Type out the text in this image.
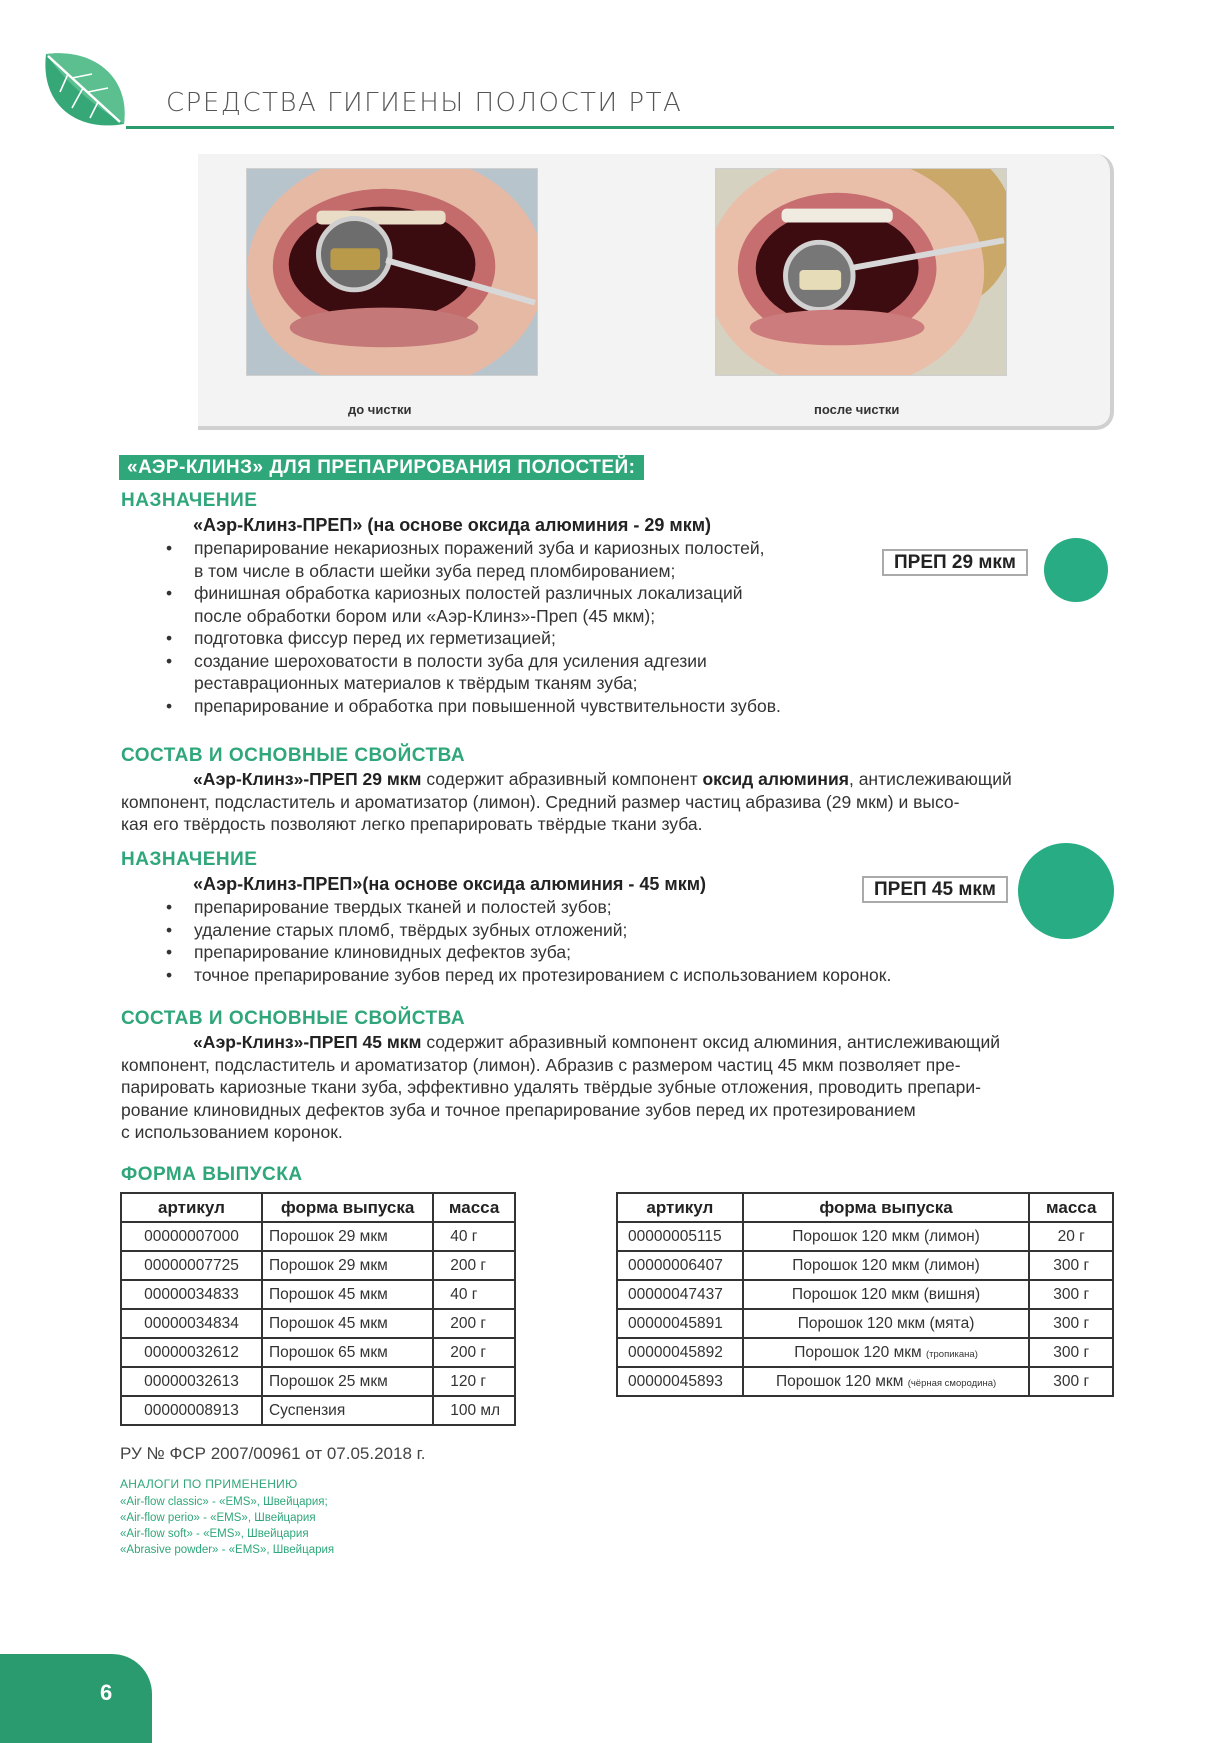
СРЕДСТВА ГИГИЕНЫ ПОЛОСТИ РТА
до чистки	после чистки
«АЭР-КЛИНЗ» ДЛЯ ПРЕПАРИРОВАНИЯ ПОЛОСТЕЙ:
НАЗНАЧЕНИЕ
«Аэр-Клинз-ПРЕП» (на основе оксида алюминия - 29 мкм)
• препарирование некариозных поражений зуба и кариозных полостей,
в том числе в области шейки зуба перед пломбированием;
• финишная обработка кариозных полостей различных локализаций
после обработки бором или «Аэр-Клинз»-Преп (45 мкм);
• подготовка фиссур перед их герметизацией;
• создание шероховатости в полости зуба для усиления адгезии
реставрационных материалов к твёрдым тканям зуба;
• препарирование и обработка при повышенной чувствительности зубов.
ПРЕП 29 мкм
СОСТАВ И ОСНОВНЫЕ СВОЙСТВА
«Аэр-Клинз»-ПРЕП 29 мкм содержит абразивный компонент оксид алюминия, антислеживающий
компонент, подсластитель и ароматизатор (лимон). Средний размер частиц абразива (29 мкм) и высо-
кая его твёрдость позволяют легко препарировать твёрдые ткани зуба.
НАЗНАЧЕНИЕ
«Аэр-Клинз-ПРЕП»(на основе оксида алюминия - 45 мкм)
• препарирование твердых тканей и полостей зубов;
• удаление старых пломб, твёрдых зубных отложений;
• препарирование клиновидных дефектов зуба;
• точное препарирование зубов перед их протезированием с использованием коронок.
ПРЕП 45 мкм
СОСТАВ И ОСНОВНЫЕ СВОЙСТВА
«Аэр-Клинз»-ПРЕП 45 мкм содержит абразивный компонент оксид алюминия, антислеживающий
компонент, подсластитель и ароматизатор (лимон). Абразив с размером частиц 45 мкм позволяет пре-
парировать кариозные ткани зуба, эффективно удалять твёрдые зубные отложения, проводить препари-
рование клиновидных дефектов зуба и точное препарирование зубов перед их протезированием
с использованием коронок.
ФОРМА ВЫПУСКА
артикул	форма выпуска	масса
00000007000	Порошок 29 мкм	40 г
00000007725	Порошок 29 мкм	200 г
00000034833	Порошок 45 мкм	40 г
00000034834	Порошок 45 мкм	200 г
00000032612	Порошок 65 мкм	200 г
00000032613	Порошок 25 мкм	120 г
00000008913	Суспензия	100 мл
артикул	форма выпуска	масса
00000005115	Порошок 120 мкм (лимон)	20 г
00000006407	Порошок 120 мкм (лимон)	300 г
00000047437	Порошок 120 мкм (вишня)	300 г
00000045891	Порошок 120 мкм (мята)	300 г
00000045892	Порошок 120 мкм (тропикана)	300 г
00000045893	Порошок 120 мкм (чёрная смородина)	300 г
РУ № ФСР 2007/00961 от 07.05.2018 г.
АНАЛОГИ ПО ПРИМЕНЕНИЮ
«Air-flow classic» - «EMS», Швейцария;
«Air-flow perio» - «EMS», Швейцария
«Air-flow soft» - «EMS», Швейцария
«Abrasive powder» - «EMS», Швейцария
6
